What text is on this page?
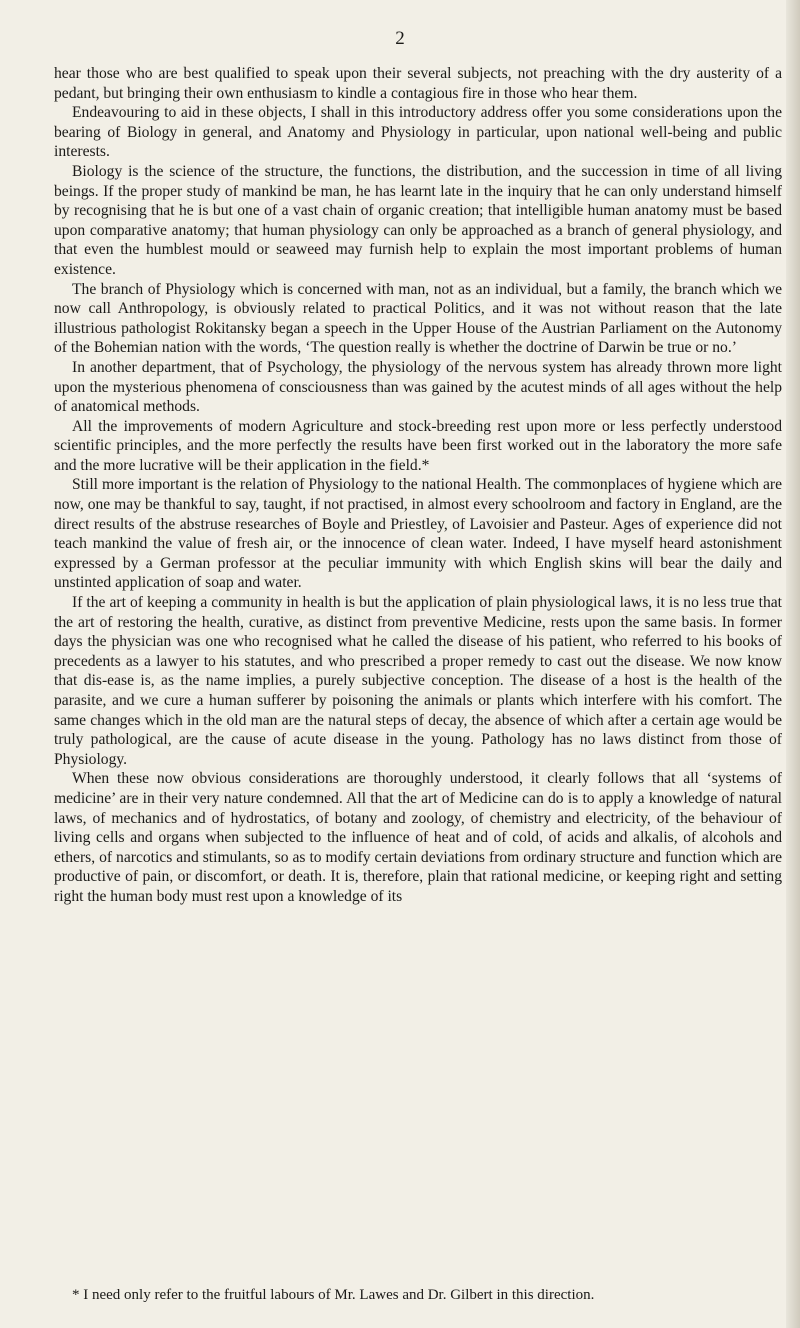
2

hear those who are best qualified to speak upon their several subjects, not preaching with the dry austerity of a pedant, but bringing their own enthusiasm to kindle a contagious fire in those who hear them.

Endeavouring to aid in these objects, I shall in this introductory address offer you some considerations upon the bearing of Biology in general, and Anatomy and Physiology in particular, upon national well-being and public interests.

Biology is the science of the structure, the functions, the distribution, and the succession in time of all living beings. If the proper study of mankind be man, he has learnt late in the inquiry that he can only understand himself by recognising that he is but one of a vast chain of organic creation; that intelligible human anatomy must be based upon comparative anatomy; that human physiology can only be approached as a branch of general physiology, and that even the humblest mould or seaweed may furnish help to explain the most important problems of human existence.

The branch of Physiology which is concerned with man, not as an individual, but a family, the branch which we now call Anthropology, is obviously related to practical Politics, and it was not without reason that the late illustrious pathologist Rokitansky began a speech in the Upper House of the Austrian Parliament on the Autonomy of the Bohemian nation with the words, ‘The question really is whether the doctrine of Darwin be true or no.’

In another department, that of Psychology, the physiology of the nervous system has already thrown more light upon the mysterious phenomena of consciousness than was gained by the acutest minds of all ages without the help of anatomical methods.

All the improvements of modern Agriculture and stock-breeding rest upon more or less perfectly understood scientific principles, and the more perfectly the results have been first worked out in the laboratory the more safe and the more lucrative will be their application in the field.*

Still more important is the relation of Physiology to the national Health. The commonplaces of hygiene which are now, one may be thankful to say, taught, if not practised, in almost every schoolroom and factory in England, are the direct results of the abstruse researches of Boyle and Priestley, of Lavoisier and Pasteur. Ages of experience did not teach mankind the value of fresh air, or the innocence of clean water. Indeed, I have myself heard astonishment expressed by a German professor at the peculiar immunity with which English skins will bear the daily and unstinted application of soap and water.

If the art of keeping a community in health is but the application of plain physiological laws, it is no less true that the art of restoring the health, curative, as distinct from preventive Medicine, rests upon the same basis. In former days the physician was one who recognised what he called the disease of his patient, who referred to his books of precedents as a lawyer to his statutes, and who prescribed a proper remedy to cast out the disease. We now know that dis-ease is, as the name implies, a purely subjective conception. The disease of a host is the health of the parasite, and we cure a human sufferer by poisoning the animals or plants which interfere with his comfort. The same changes which in the old man are the natural steps of decay, the absence of which after a certain age would be truly pathological, are the cause of acute disease in the young. Pathology has no laws distinct from those of Physiology.

When these now obvious considerations are thoroughly understood, it clearly follows that all ‘systems of medicine’ are in their very nature condemned. All that the art of Medicine can do is to apply a knowledge of natural laws, of mechanics and of hydrostatics, of botany and zoology, of chemistry and electricity, of the behaviour of living cells and organs when subjected to the influence of heat and of cold, of acids and alkalis, of alcohols and ethers, of narcotics and stimulants, so as to modify certain deviations from ordinary structure and function which are productive of pain, or discomfort, or death. It is, therefore, plain that rational medicine, or keeping right and setting right the human body must rest upon a knowledge of its

* I need only refer to the fruitful labours of Mr. Lawes and Dr. Gilbert in this direction.
